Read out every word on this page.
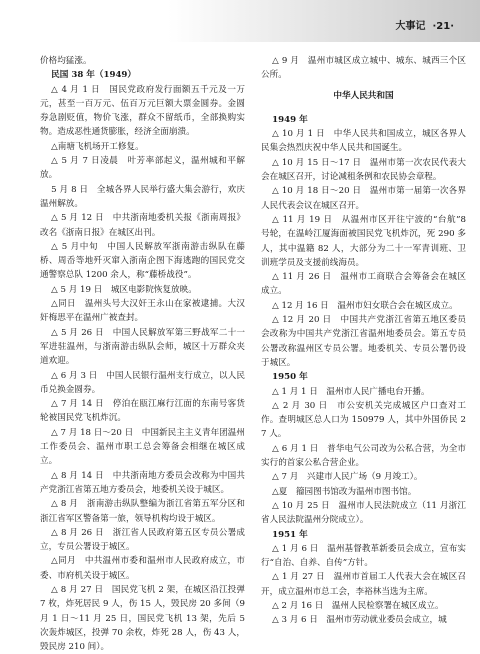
大事记 ·21·

价格均猛涨。

民国 38 年（1949）

△ 4 月 1 日　国民党政府发行面额五千元及一万元，甚至一百万元、伍百万元巨额大票金圆券。金圆券急剧贬值，物价飞涨，群众不留纸币，全部换购实物。造成恶性通货膨胀，经济全面崩溃。

△南塘飞机场开工修复。

△ 5 月 7 日凌晨　叶芳率部起义，温州城和平解放。

5 月 8 日　全城各界人民举行盛大集会游行，欢庆温州解放。

△ 5 月 12 日　中共浙南地委机关报《浙南周报》改名《浙南日报》在城区出刊。

△ 5 月中旬　中国人民解放军浙南游击纵队在藤桥、周岙等地歼灭窜入浙南企图下海逃跑的国民党交通警察总队 1200 余人，称“藤桥战役”。

△ 5 月 19 日　城区电影院恢复放映。

△同日　温州头号大汉奸王永山在家被逮捕。大汉奸梅思平在温州广被查封。

△ 5 月 26 日　中国人民解放军第三野战军二十一军进驻温州，与浙南游击纵队会师，城区十万群众夹道欢迎。

△ 6 月 3 日　中国人民银行温州支行成立，以人民币兑换金圆券。

△ 7 月 14 日　停泊在瓯江麻行江面的东南号客货轮被国民党飞机炸沉。

△ 7 月 18 日～20 日　中国新民主主义青年团温州工作委员会、温州市职工总会筹备会相继在城区成立。

△ 8 月 14 日　中共浙南地方委员会改称为中国共产党浙江省第五地方委员会，地委机关设于城区。

△ 8 月　浙南游击纵队整编为浙江省第五军分区和浙江省军区警备第一旅，领导机构均设于城区。

△ 8 月 26 日　浙江省人民政府第五区专员公署成立，专员公署设于城区。

△同月　中共温州市委和温州市人民政府成立，市委、市府机关设于城区。

△ 8 月 27 日　国民党飞机 2 架，在城区沿江投弹 7 枚，炸死居民 9 人，伤 15 人，毁民房 20 多间（9 月 1 日～11 月 25 日，国民党飞机 13 架，先后 5 次轰炸城区，投弹 70 余枚，炸死 28 人，伤 43 人，毁民房 210 间）。

△ 9 月　温州市城区成立城中、城东、城西三个区公所。

中华人民共和国

1949 年

△ 10 月 1 日　中华人民共和国成立，城区各界人民集会热烈庆祝中华人民共和国诞生。

△ 10 月 15 日～17 日　温州市第一次农民代表大会在城区召开，讨论减租条例和农民协会章程。

△ 10 月 18 日～20 日　温州市第一届第一次各界人民代表会议在城区召开。

△ 11 月 19 日　从温州市区开往宁波的“台航”8 号轮，在温岭江厦海面被国民党飞机炸沉，死 290 多人，其中温籍 82 人，大部分为二十一军青训班、卫训班学员及支援前线海员。

△ 11 月 26 日　温州市工商联合会筹备会在城区成立。

△ 12 月 16 日　温州市妇女联合会在城区成立。

△ 12 月 20 日　中国共产党浙江省第五地区委员会改称为中国共产党浙江省温州地委员会。第五专员公署改称温州区专员公署。地委机关、专员公署仍设于城区。

1950 年

△ 1 月 1 日　温州市人民广播电台开播。

△ 2 月 30 日　市公安机关完成城区户口查对工作。查明城区总人口为 150979 人，其中外国侨民 27 人。

△ 6 月 1 日　普华电气公司改为公私合营，为全市实行的首家公私合营企业。

△ 7 月　兴建市人民广场（9 月竣工）。

△夏　籀园图书馆改为温州市图书馆。

△ 10 月 25 日　温州市人民法院成立（11 月浙江省人民法院温州分院成立）。

1951 年

△ 1 月 6 日　温州基督教革新委员会成立，宣布实行“自治、自养、自传”方针。

△ 1 月 27 日　温州市首届工人代表大会在城区召开，成立温州市总工会，李裕林当选为主席。

△ 2 月 16 日　温州人民检察署在城区成立。

△ 3 月 6 日　温州市劳动就业委员会成立，城
